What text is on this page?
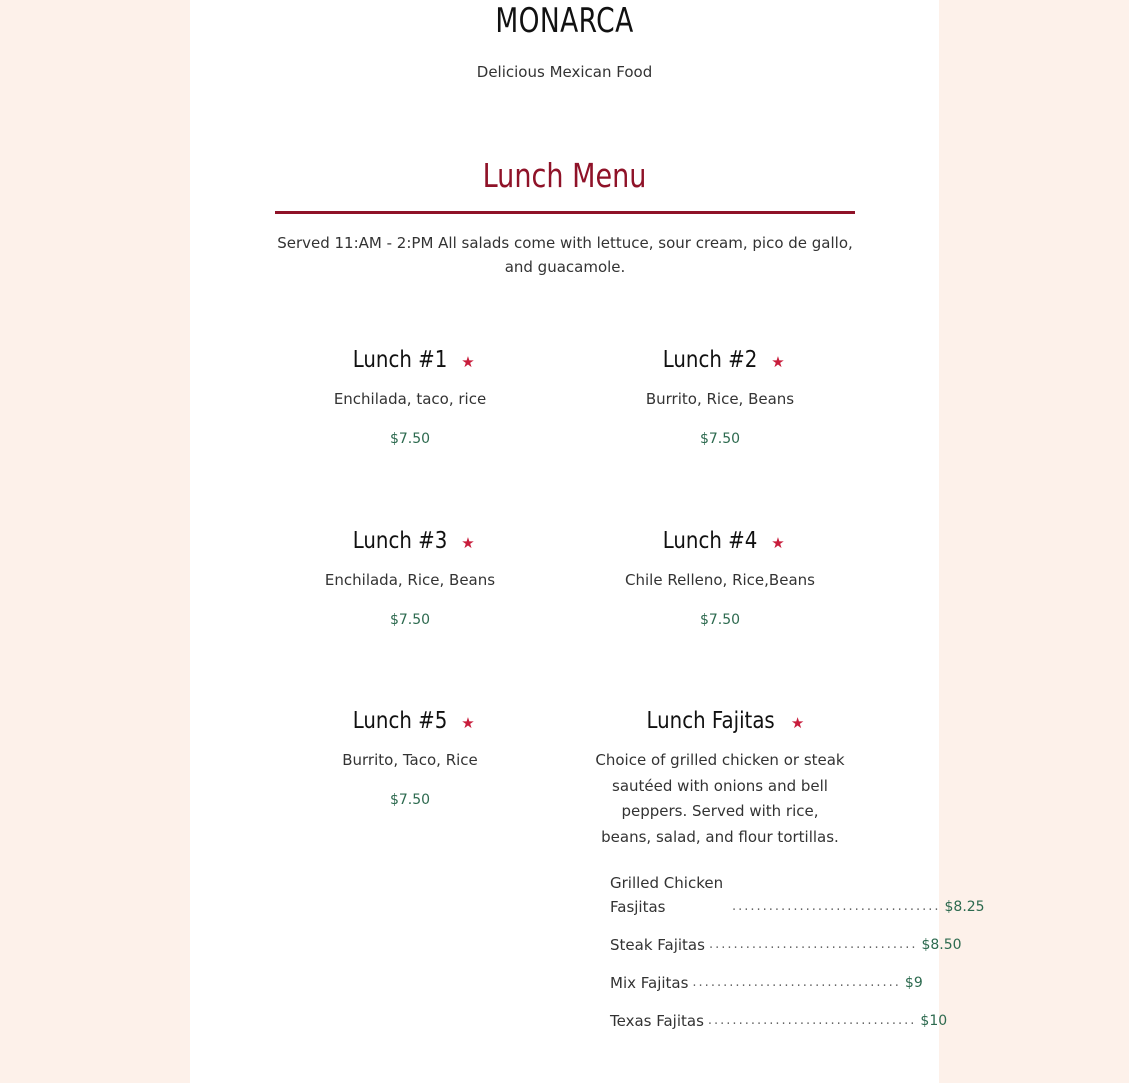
MONARCA
Delicious Mexican Food
Lunch Menu
Served 11:AM - 2:PM All salads come with lettuce, sour cream, pico de gallo, and guacamole.
Lunch #1 ★
Enchilada, taco, rice
$7.50
Lunch #2 ★
Burrito, Rice, Beans
$7.50
Lunch #3 ★
Enchilada, Rice, Beans
$7.50
Lunch #4 ★
Chile Relleno, Rice,Beans
$7.50
Lunch #5 ★
Burrito, Taco, Rice
$7.50
Lunch Fajitas ★
Choice of grilled chicken or steak sautéed with onions and bell peppers. Served with rice, beans, salad, and flour tortillas.
Grilled Chicken Fasjitas	.................................. $8.25
Steak Fajitas .................................. $8.50
Mix Fajitas .................................. $9
Texas Fajitas .................................. $10
